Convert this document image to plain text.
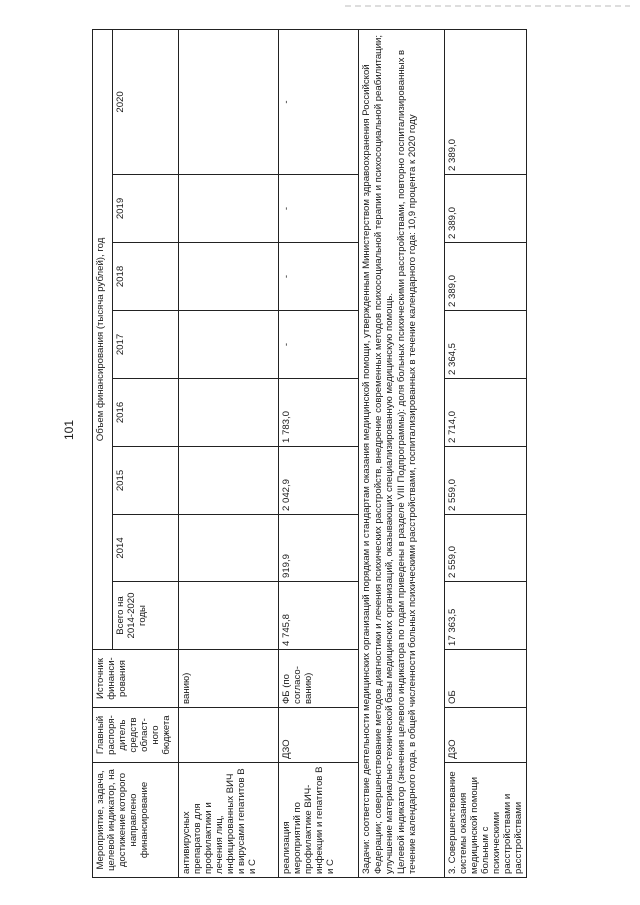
101
Мероприятие, задача, целевой индикатор, на достижение которого направлено финансирование	Главный распоря-дитель средств област-ного бюджета	Источник финанси-рования	Объем финансирования (тысяча рублей), год							
			Всего на 2014-2020 годы	2014	2015	2016	2017	2018	2019	2020
антивирусных препаратов для профилактики и лечения лиц, инфицированных ВИЧ и вирусами гепатитов В и С		ванию)								
реализация мероприятий по профилактике ВИЧ-инфекции и гепатитов В и С	ДЗО	ФБ (по согласо-ванию)	4 745,8	919,9	2 042,9	1 783,0	-	-	-	-

Задачи: соответствие деятельности медицинских организаций порядкам и стандартам оказания медицинской помощи, утвержденным Министерством здравоохранения Российской Федерации; совершенствование методов диагностики и лечения психических расстройств, внедрение современных методов психосоциальной терапии и психосоциальной реабилитации; улучшение материально-технической базы медицинских организаций, оказывающих специализированную медицинскую помощь. Целевой индикатор (значения целевого индикатора по годам приведены в разделе VIII Подпрограммы): доля больных психическими расстройствами, повторно госпитализированных в течение календарного года, в общей численности больных психическими расстройствами, госпитализированных в течение календарного года: 10,9 процента к 2020 году										

3. Совершенствование системы оказания медицинской помощи больным с психическими расстройствами и расстройствами	ДЗО	ОБ	17 363,5	2 559,0	2 559,0	2 714,0	2 364,5	2 389,0	2 389,0	2 389,0
